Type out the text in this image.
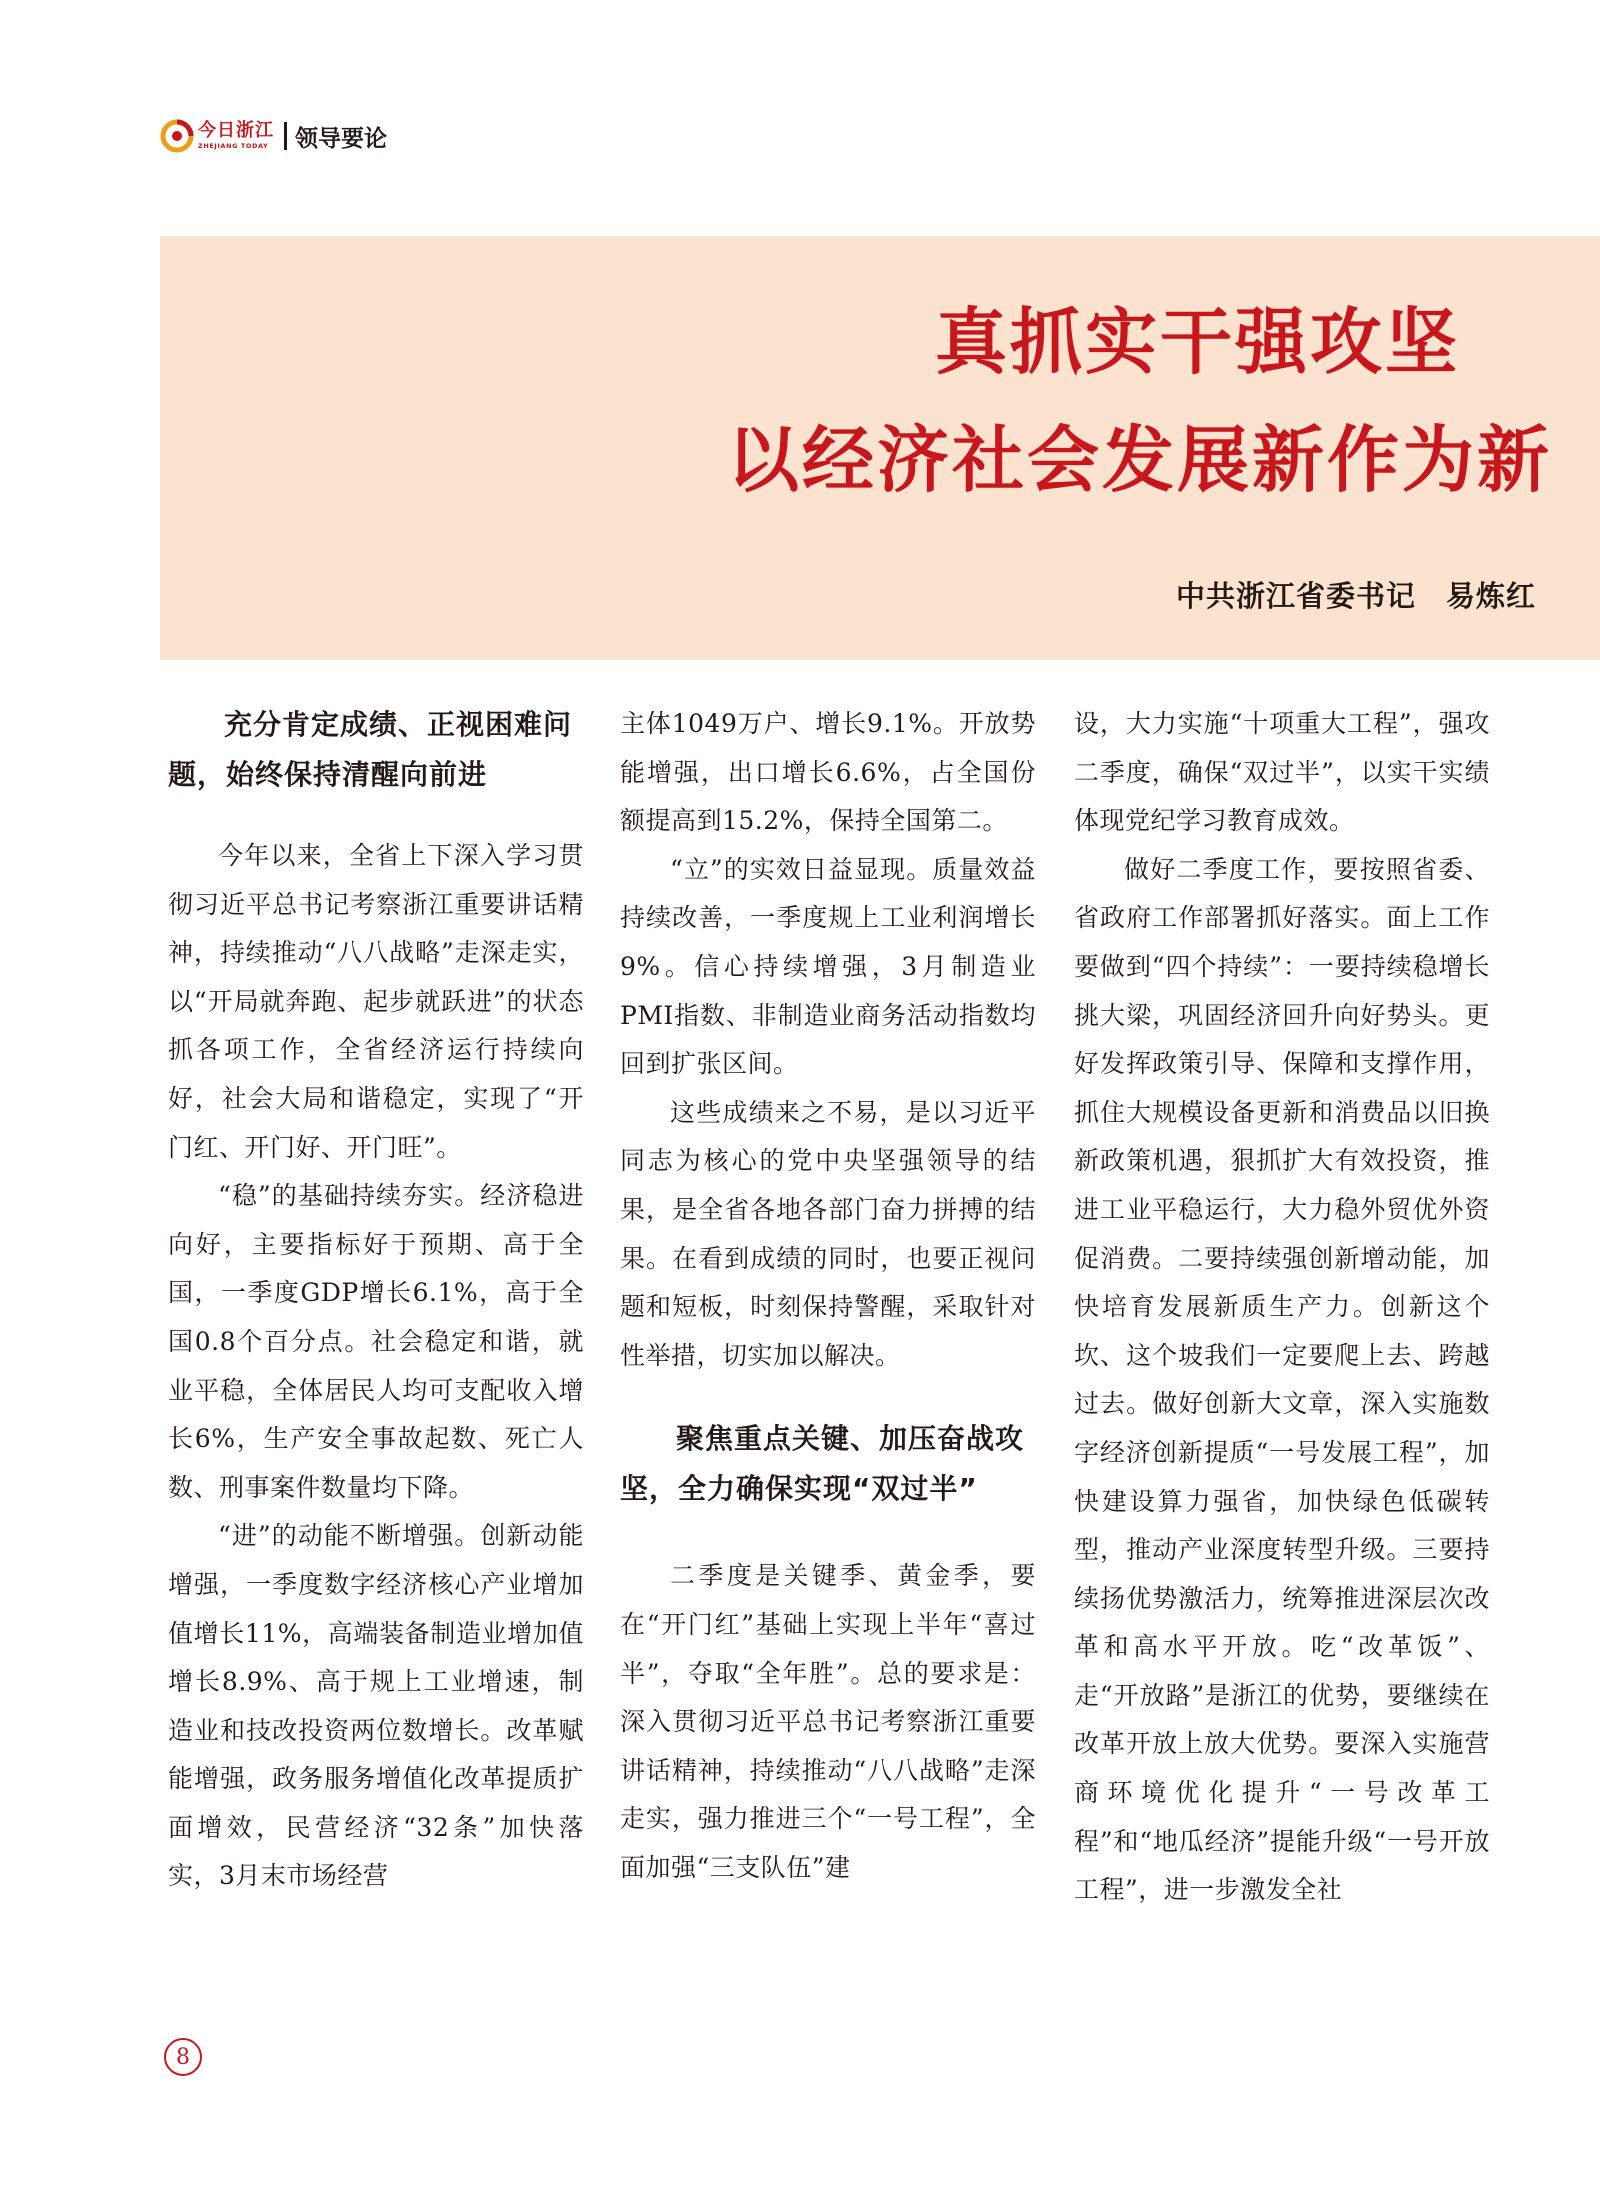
今日浙江
ZHEJIANG TODAY 领导要论
真抓实干强攻坚
以经济社会发展新作为新
中共浙江省委书记　易炼红
充分肯定成绩、正视困难问题，始终保持清醒向前进

今年以来，全省上下深入学习贯彻习近平总书记考察浙江重要讲话精神，持续推动“八八战略”走深走实，以“开局就奔跑、起步就跃进”的状态抓各项工作，全省经济运行持续向好，社会大局和谐稳定，实现了“开门红、开门好、开门旺”。

“稳”的基础持续夯实。经济稳进向好，主要指标好于预期、高于全国，一季度GDP增长6.1%，高于全国0.8个百分点。社会稳定和谐，就业平稳，全体居民人均可支配收入增长6%，生产安全事故起数、死亡人数、刑事案件数量均下降。

“进”的动能不断增强。创新动能增强，一季度数字经济核心产业增加值增长11%，高端装备制造业增加值增长8.9%、高于规上工业增速，制造业和技改投资两位数增长。改革赋能增强，政务服务增值化改革提质扩面增效，民营经济“32条”加快落实，3月末市场经营

主体1049万户、增长9.1%。开放势能增强，出口增长6.6%，占全国份额提高到15.2%，保持全国第二。

“立”的实效日益显现。质量效益持续改善，一季度规上工业利润增长9%。信心持续增强，3月制造业PMI指数、非制造业商务活动指数均回到扩张区间。

这些成绩来之不易，是以习近平同志为核心的党中央坚强领导的结果，是全省各地各部门奋力拼搏的结果。在看到成绩的同时，也要正视问题和短板，时刻保持警醒，采取针对性举措，切实加以解决。

聚焦重点关键、加压奋战攻坚，全力确保实现“双过半”

二季度是关键季、黄金季，要在“开门红”基础上实现上半年“喜过半”，夺取“全年胜”。总的要求是：深入贯彻习近平总书记考察浙江重要讲话精神，持续推动“八八战略”走深走实，强力推进三个“一号工程”，全面加强“三支队伍”建

设，大力实施“十项重大工程”，强攻二季度，确保“双过半”，以实干实绩体现党纪学习教育成效。

做好二季度工作，要按照省委、省政府工作部署抓好落实。面上工作要做到“四个持续”：一要持续稳增长挑大梁，巩固经济回升向好势头。更好发挥政策引导、保障和支撑作用，抓住大规模设备更新和消费品以旧换新政策机遇，狠抓扩大有效投资，推进工业平稳运行，大力稳外贸优外资促消费。二要持续强创新增动能，加快培育发展新质生产力。创新这个坎、这个坡我们一定要爬上去、跨越过去。做好创新大文章，深入实施数字经济创新提质“一号发展工程”，加快建设算力强省，加快绿色低碳转型，推动产业深度转型升级。三要持续扬优势激活力，统筹推进深层次改革和高水平开放。吃“改革饭”、走“开放路”是浙江的优势，要继续在改革开放上放大优势。要深入实施营商环境优化提升“一号改革工程”和“地瓜经济”提能升级“一号开放工程”，进一步激发全社

8
